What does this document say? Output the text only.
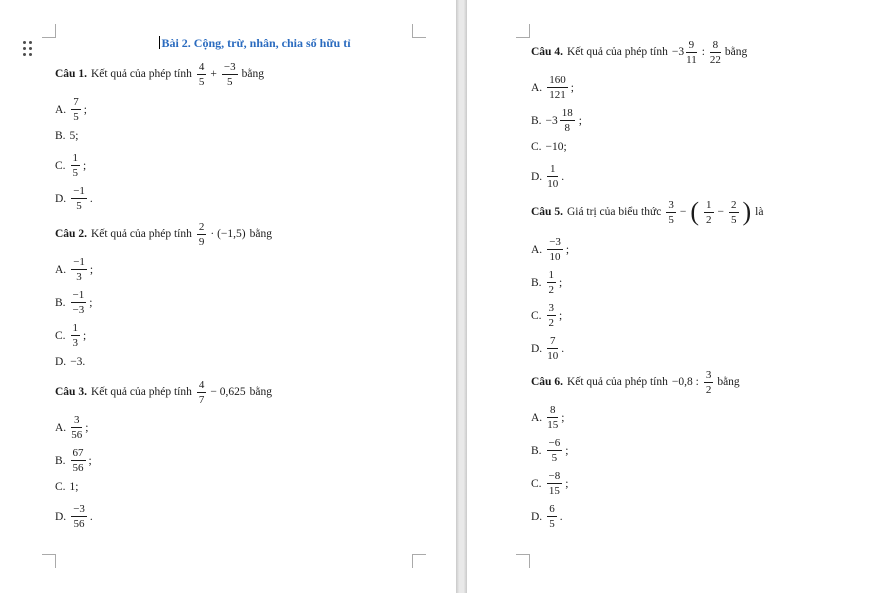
Bài 2. Cộng, trừ, nhân, chia số hữu tỉ
Câu 1. Kết quả của phép tính $\frac{4}{5} + \frac{-3}{5}$ bằng
A. $\frac{7}{5}$ ;
B. 5;
C. $\frac{1}{5}$ ;
D. $\frac{-1}{5}$ .
Câu 2. Kết quả của phép tính $\frac{2}{9} \cdot (-1,5)$ bằng
A. $\frac{-1}{3}$ ;
B. $\frac{-1}{-3}$ ;
C. $\frac{1}{3}$ ;
D. −3.
Câu 3. Kết quả của phép tính $\frac{4}{7} - 0,625$ bằng
A. $\frac{3}{56}$ ;
B. $\frac{67}{56}$ ;
C. 1;
D. $\frac{-3}{56}$ .
Câu 4. Kết quả của phép tính $-3 \frac{9}{11}$ : $\frac{8}{22}$ bằng
A. $\frac{160}{121}$ ;
B. $-3 \frac{18}{8}$ ;
C. −10;
D. $\frac{1}{10}$ .
Câu 5. Giá trị của biểu thức $\frac{3}{5}$ − ( $\frac{1}{2} - \frac{2}{5}$ ) là
A. $\frac{-3}{10}$ ;
B. $\frac{1}{2}$ ;
C. $\frac{3}{2}$ ;
D. $\frac{7}{10}$ .
Câu 6. Kết quả của phép tính −0,8 : $\frac{3}{2}$ bằng
A. $\frac{8}{15}$ ;
B. $\frac{-6}{5}$ ;
C. $\frac{-8}{15}$ ;
D. $\frac{6}{5}$ .
